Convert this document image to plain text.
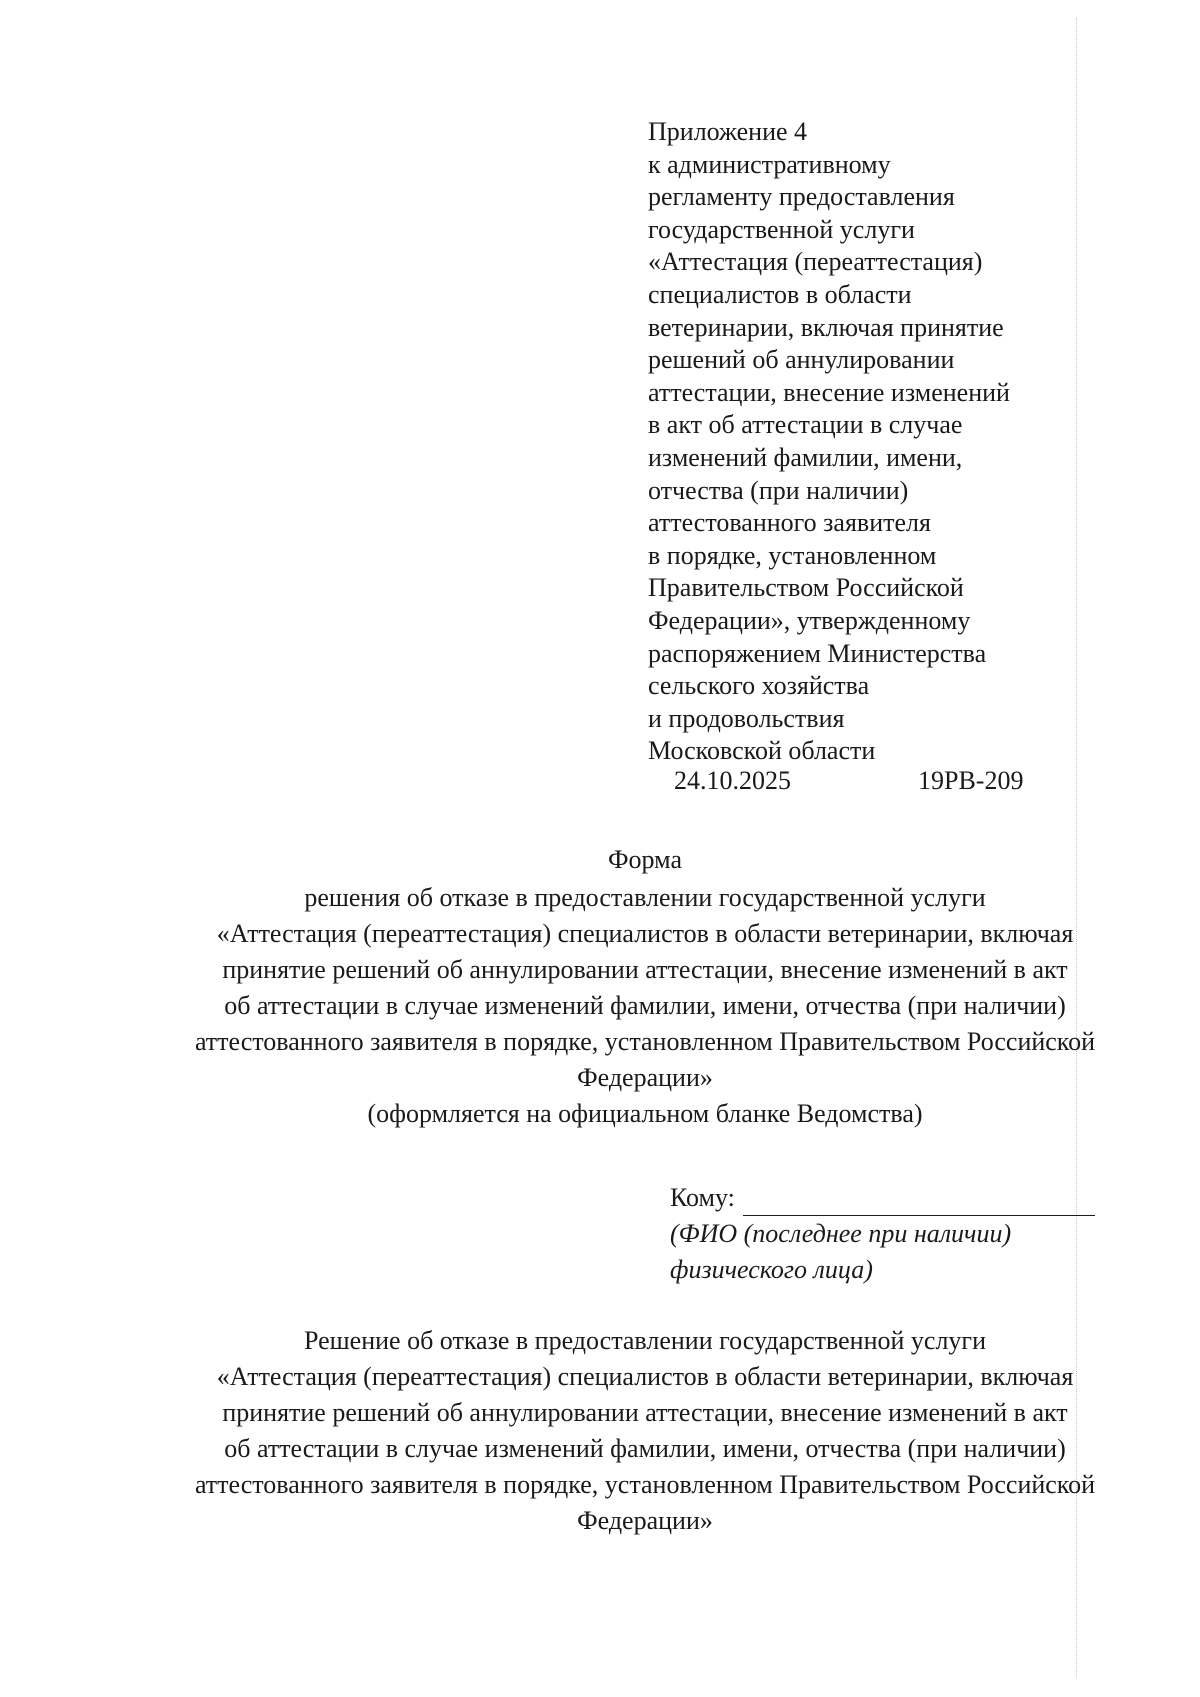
Приложение 4
к административному
регламенту предоставления
государственной услуги
«Аттестация (переаттестация)
специалистов в области
ветеринарии, включая принятие
решений об аннулировании
аттестации, внесение изменений
в акт об аттестации в случае
изменений фамилии, имени,
отчества (при наличии)
аттестованного заявителя
в порядке, установленном
Правительством Российской
Федерации», утвержденному
распоряжением Министерства
сельского хозяйства
и продовольствия
Московской области
24.10.2025	19РВ-209
Форма
решения об отказе в предоставлении государственной услуги
«Аттестация (переаттестация) специалистов в области ветеринарии, включая
принятие решений об аннулировании аттестации, внесение изменений в акт
об аттестации в случае изменений фамилии, имени, отчества (при наличии)
аттестованного заявителя в порядке, установленном Правительством Российской
Федерации»
(оформляется на официальном бланке Ведомства)
Кому:
(ФИО (последнее при наличии)
физического лица)
Решение об отказе в предоставлении государственной услуги
«Аттестация (переаттестация) специалистов в области ветеринарии, включая
принятие решений об аннулировании аттестации, внесение изменений в акт
об аттестации в случае изменений фамилии, имени, отчества (при наличии)
аттестованного заявителя в порядке, установленном Правительством Российской
Федерации»
